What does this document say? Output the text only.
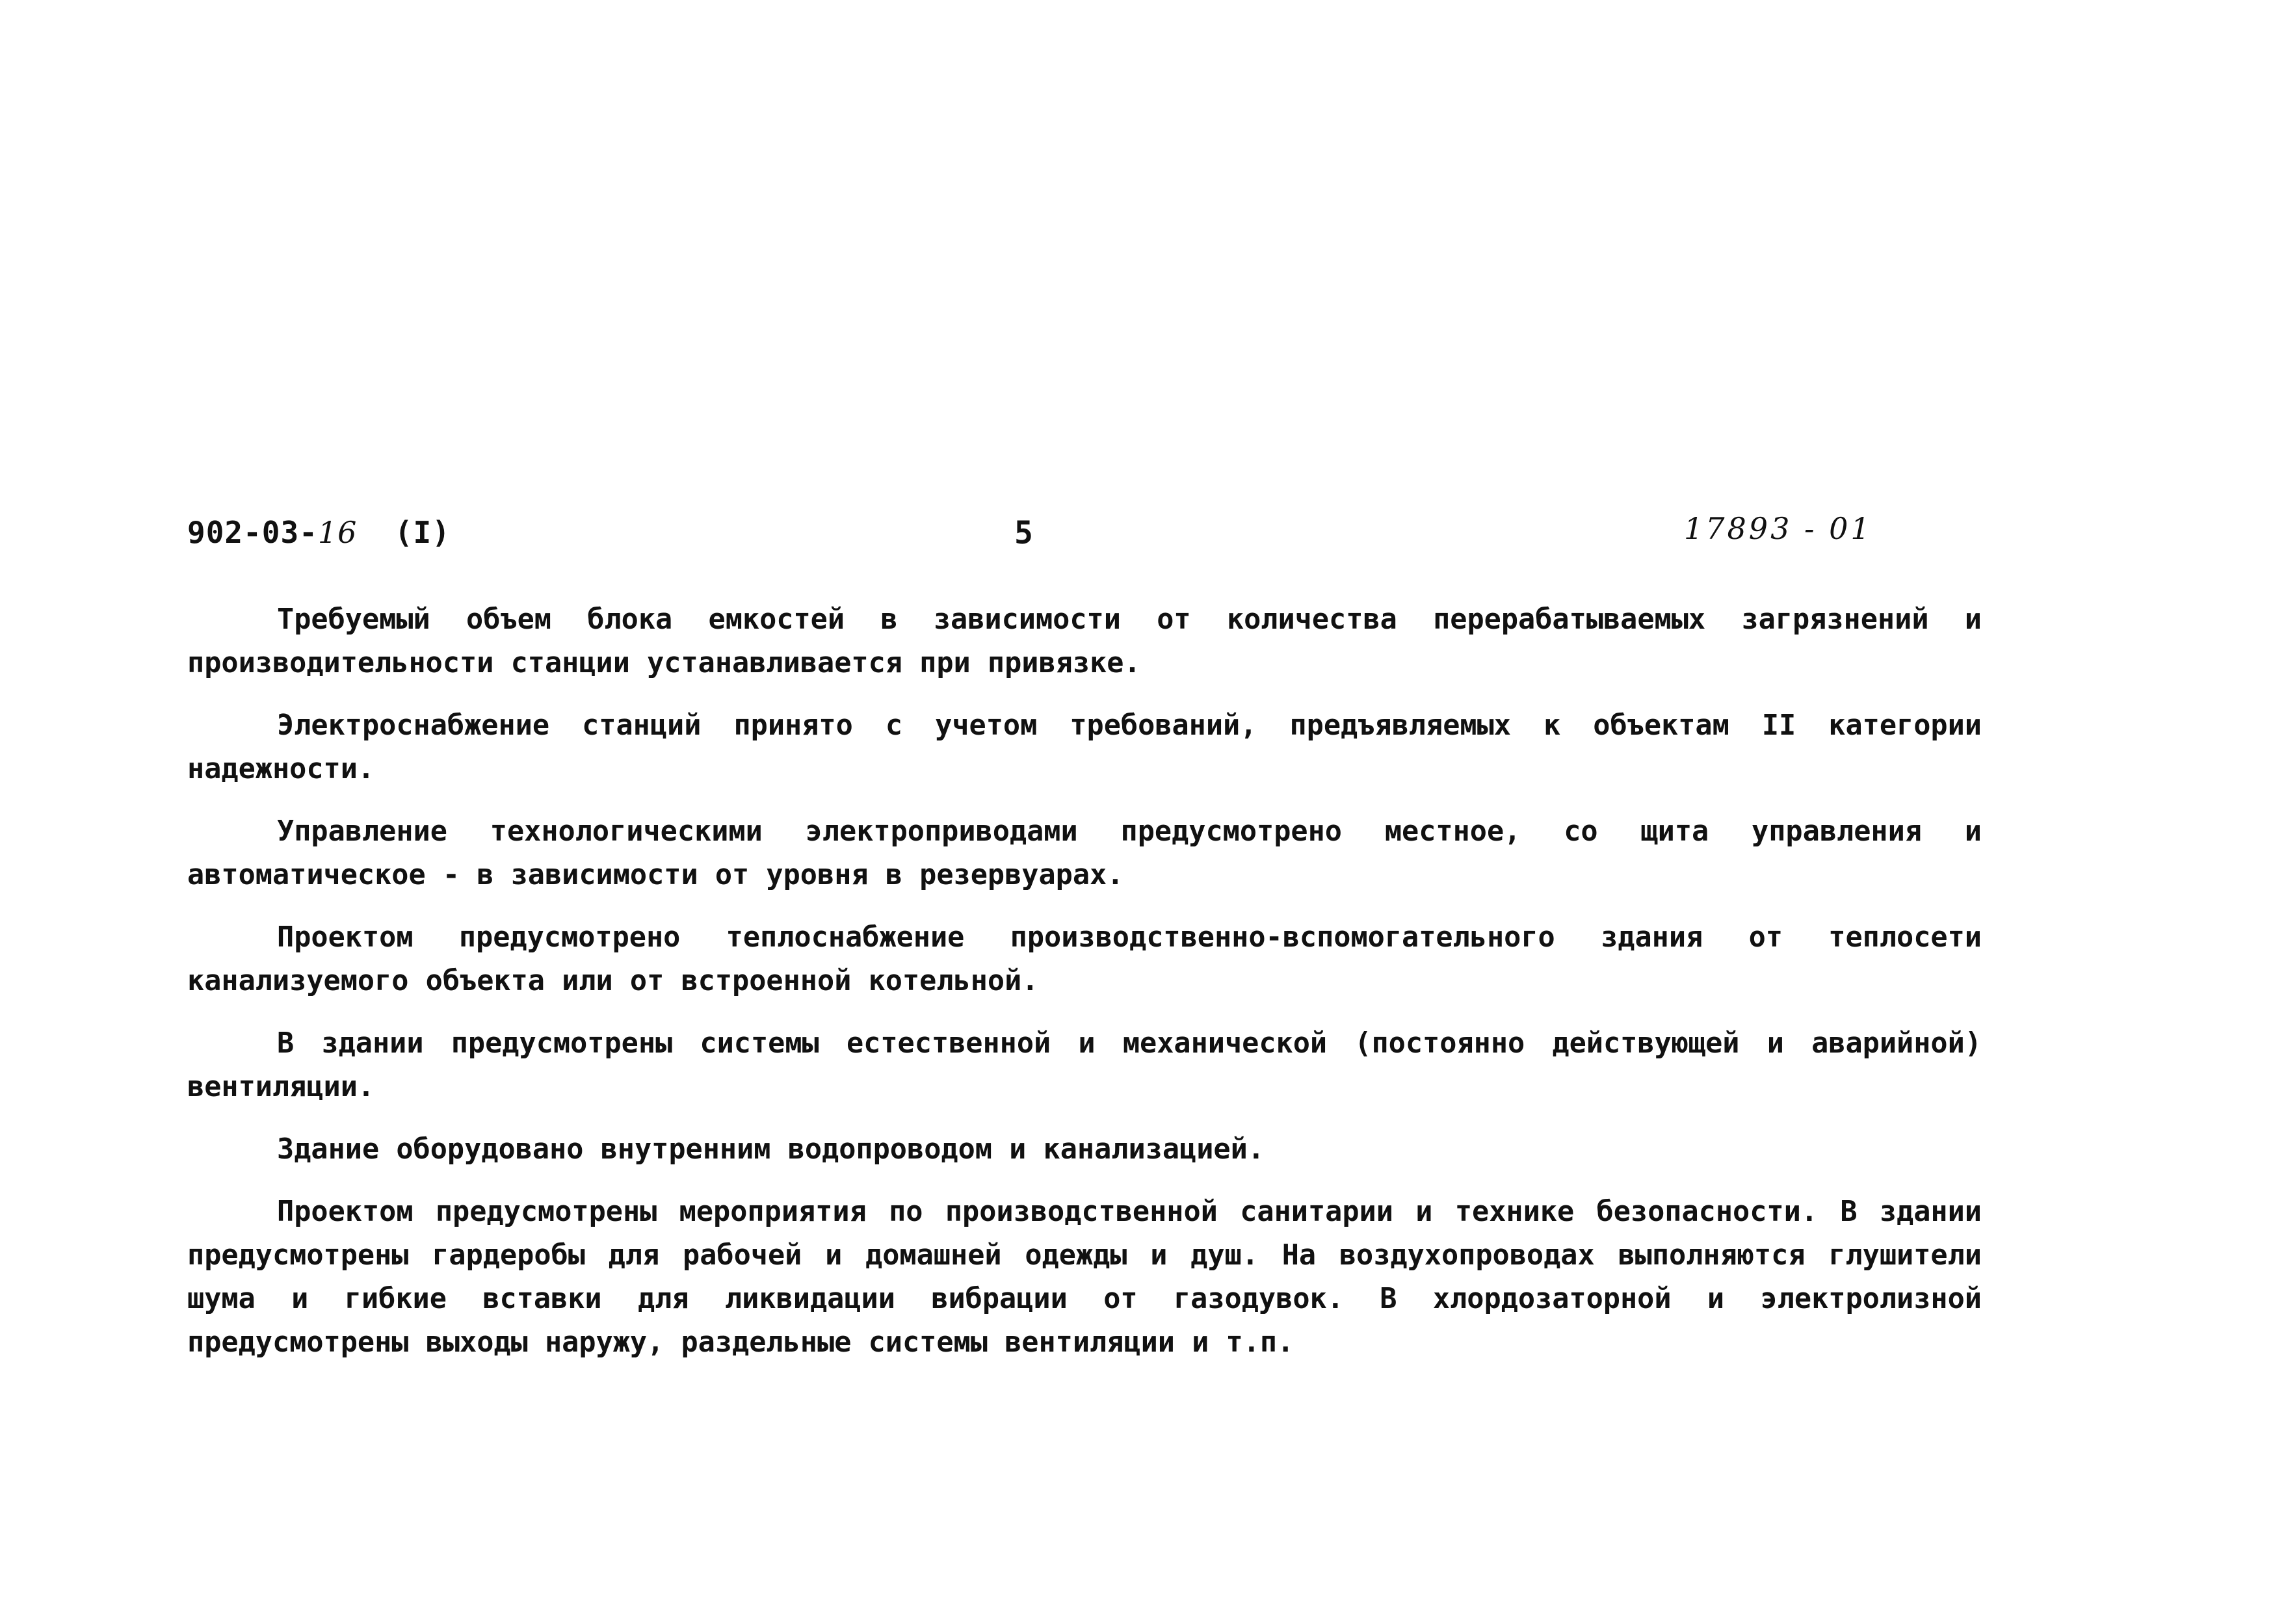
902-03-16 (I)	5	17893 - 01

Требуемый объем блока емкостей в зависимости от количества перерабатываемых загрязнений и производительности станции устанавливается при привязке.

Электроснабжение станций принято с учетом требований, предъявляемых к объектам II категории надежности.

Управление технологическими электроприводами предусмотрено местное, со щита управления и автоматическое - в зависимости от уровня в резервуарах.

Проектом предусмотрено теплоснабжение производственно-вспомогательного здания от теплосети канализуемого объекта или от встроенной котельной.

В здании предусмотрены системы естественной и механической (постоянно действующей и аварийной) вентиляции.

Здание оборудовано внутренним водопроводом и канализацией.

Проектом предусмотрены мероприятия по производственной санитарии и технике безопасности. В здании предусмотрены гардеробы для рабочей и домашней одежды и душ. На воздухопроводах выполняются глушители шума и гибкие вставки для ликвидации вибрации от газодувок. В хлордозаторной и электролизной предусмотрены выходы наружу, раздельные системы вентиляции и т.п.
